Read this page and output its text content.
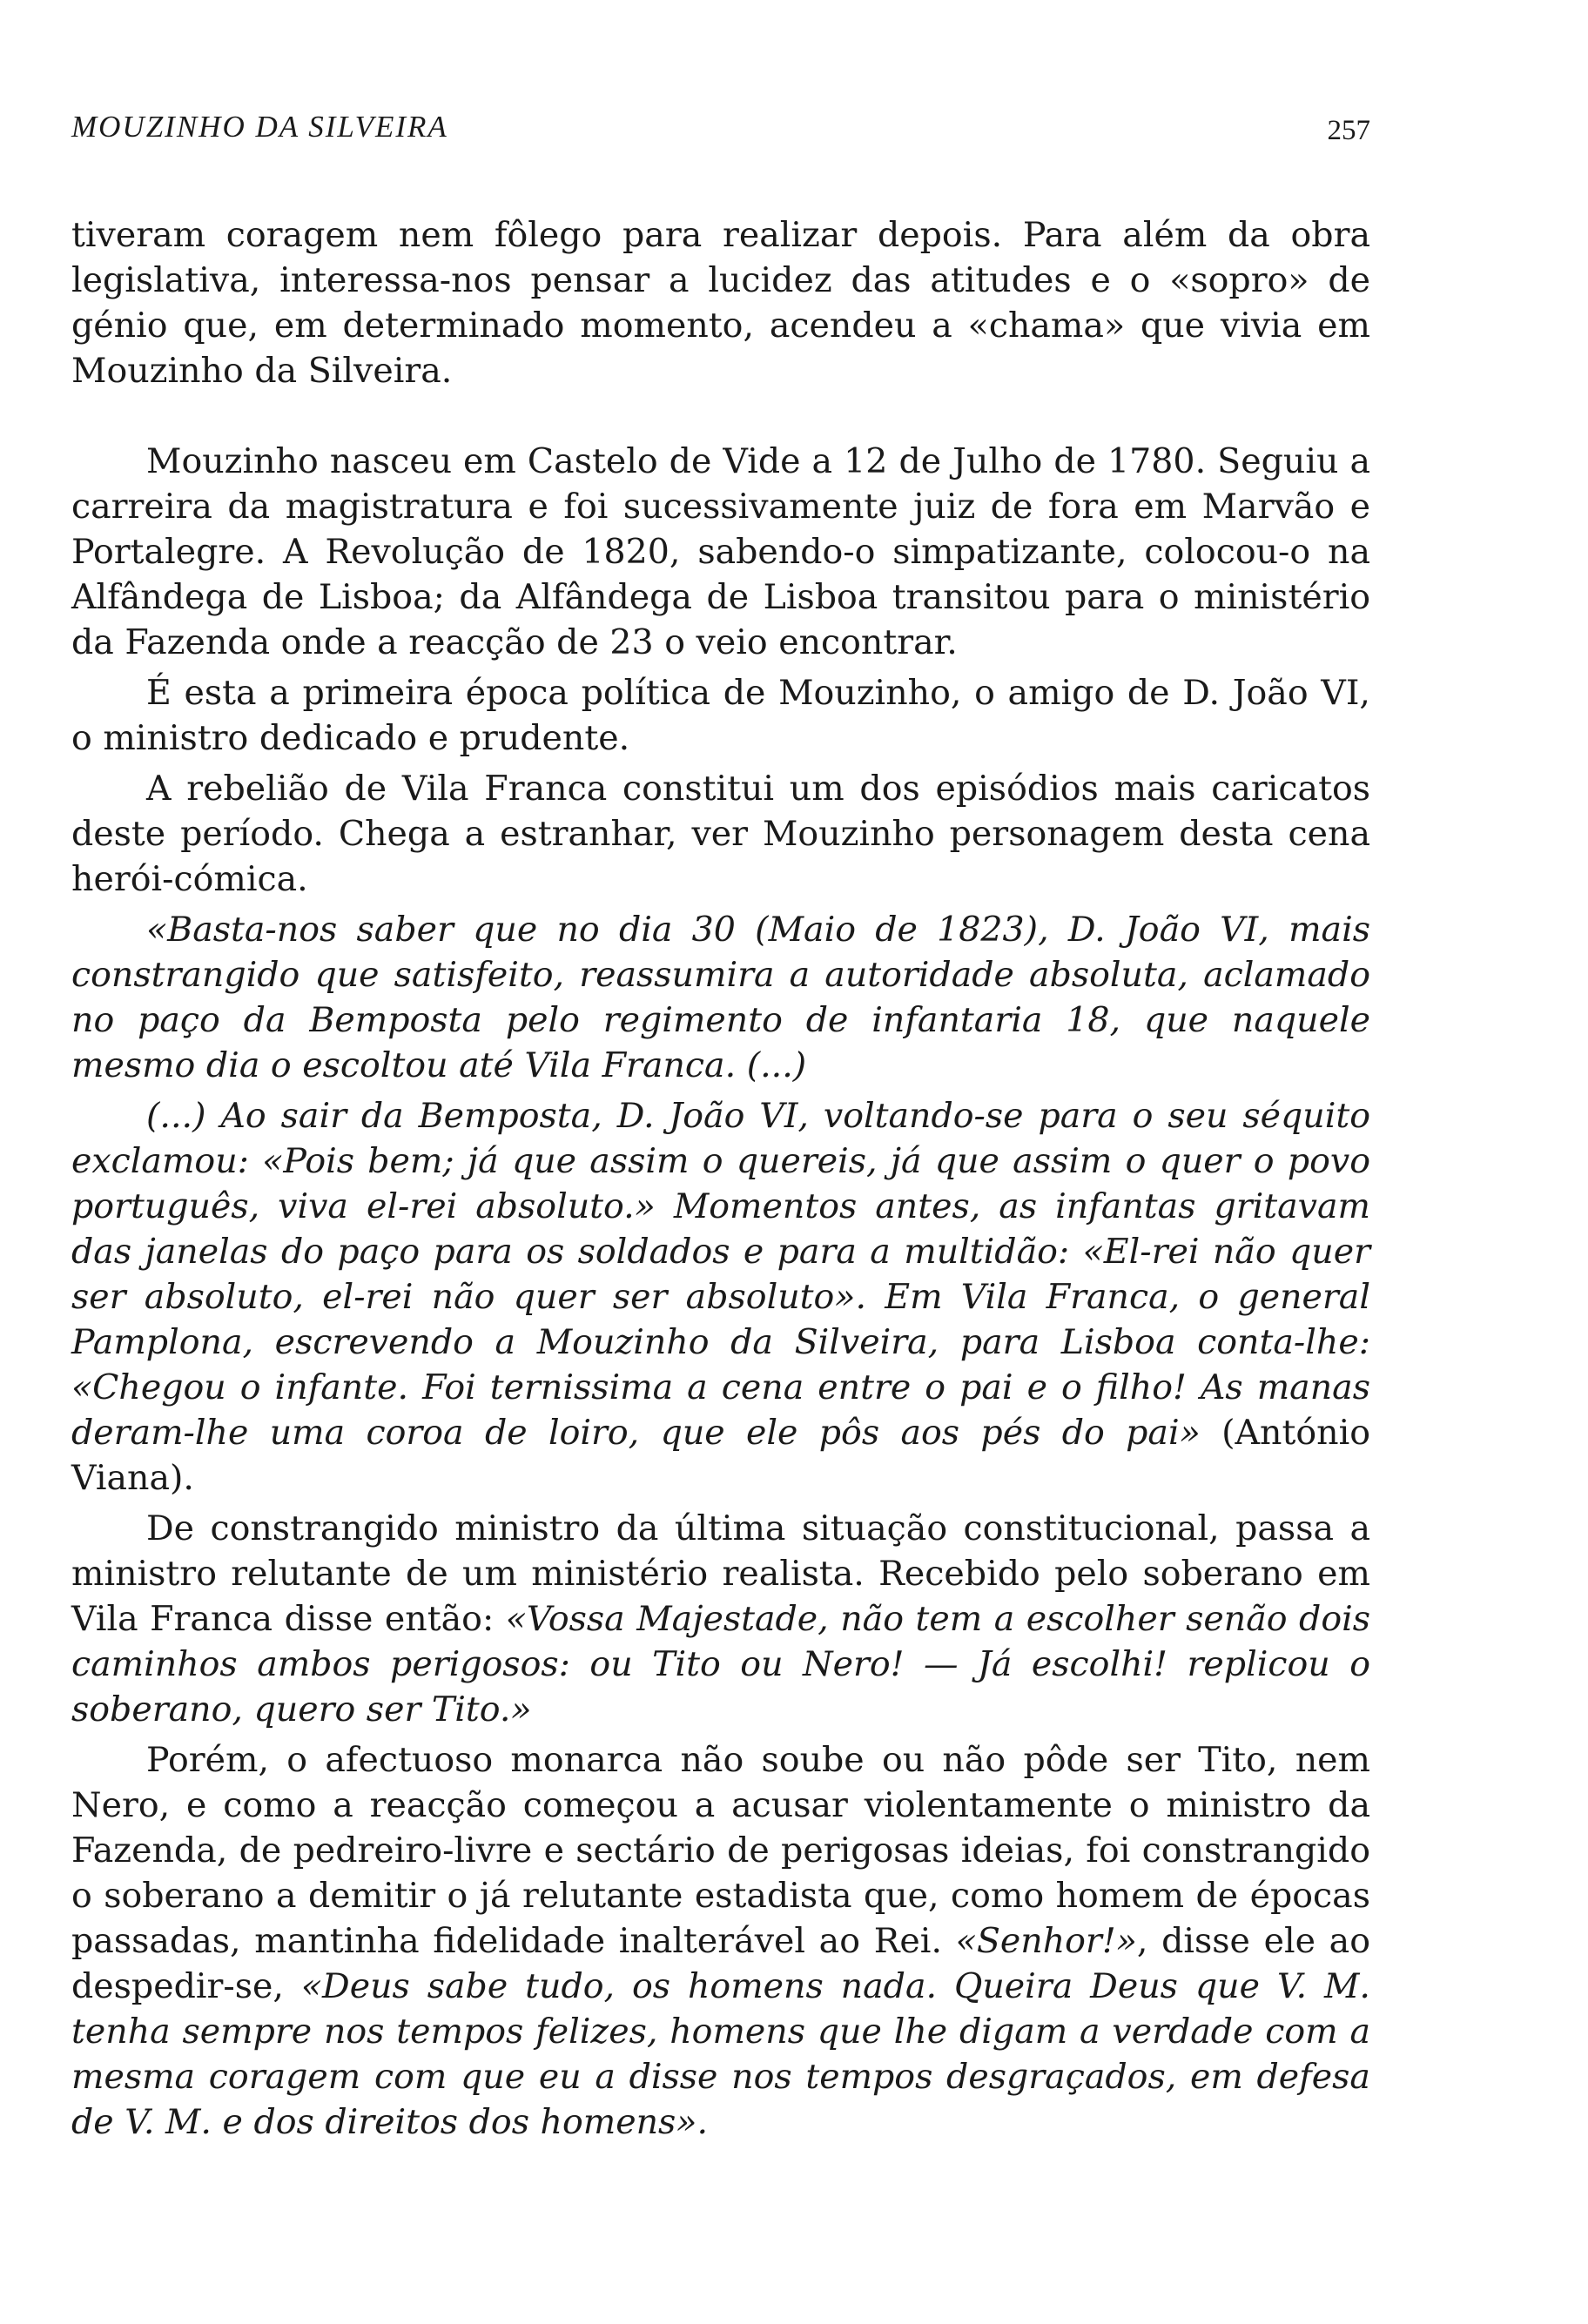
MOUZINHO DA SILVEIRA	257

tiveram coragem nem fôlego para realizar depois. Para além da obra legislativa, interessa-nos pensar a lucidez das atitudes e o «sopro» de génio que, em determinado momento, acendeu a «chama» que vivia em Mouzinho da Silveira.

Mouzinho nasceu em Castelo de Vide a 12 de Julho de 1780. Seguiu a carreira da magistratura e foi sucessivamente juiz de fora em Marvão e Portalegre. A Revolução de 1820, sabendo-o simpatizante, colocou-o na Alfândega de Lisboa; da Alfândega de Lisboa transitou para o ministério da Fazenda onde a reacção de 23 o veio encontrar.

É esta a primeira época política de Mouzinho, o amigo de D. João VI, o ministro dedicado e prudente.

A rebelião de Vila Franca constitui um dos episódios mais caricatos deste período. Chega a estranhar, ver Mouzinho personagem desta cena herói-cómica.

«Basta-nos saber que no dia 30 (Maio de 1823), D. João VI, mais constrangido que satisfeito, reassumira a autoridade absoluta, aclamado no paço da Bemposta pelo regimento de infantaria 18, que naquele mesmo dia o escoltou até Vila Franca. (...)

(...) Ao sair da Bemposta, D. João VI, voltando-se para o seu séquito exclamou: «Pois bem; já que assim o quereis, já que assim o quer o povo português, viva el-rei absoluto.» Momentos antes, as infantas gritavam das janelas do paço para os soldados e para a multidão: «El-rei não quer ser absoluto, el-rei não quer ser absoluto». Em Vila Franca, o general Pamplona, escrevendo a Mouzinho da Silveira, para Lisboa conta-lhe: «Chegou o infante. Foi ternissima a cena entre o pai e o filho! As manas deram-lhe uma coroa de loiro, que ele pôs aos pés do pai» (António Viana).

De constrangido ministro da última situação constitucional, passa a ministro relutante de um ministério realista. Recebido pelo soberano em Vila Franca disse então: «Vossa Majestade, não tem a escolher senão dois caminhos ambos perigosos: ou Tito ou Nero! — Já escolhi! replicou o soberano, quero ser Tito.»

Porém, o afectuoso monarca não soube ou não pôde ser Tito, nem Nero, e como a reacção começou a acusar violentamente o ministro da Fazenda, de pedreiro-livre e sectário de perigosas ideias, foi constrangido o soberano a demitir o já relutante estadista que, como homem de épocas passadas, mantinha fidelidade inalterável ao Rei. «Senhor!», disse ele ao despedir-se, «Deus sabe tudo, os homens nada. Queira Deus que V. M. tenha sempre nos tempos felizes, homens que lhe digam a verdade com a mesma coragem com que eu a disse nos tempos desgraçados, em defesa de V. M. e dos direitos dos homens».
